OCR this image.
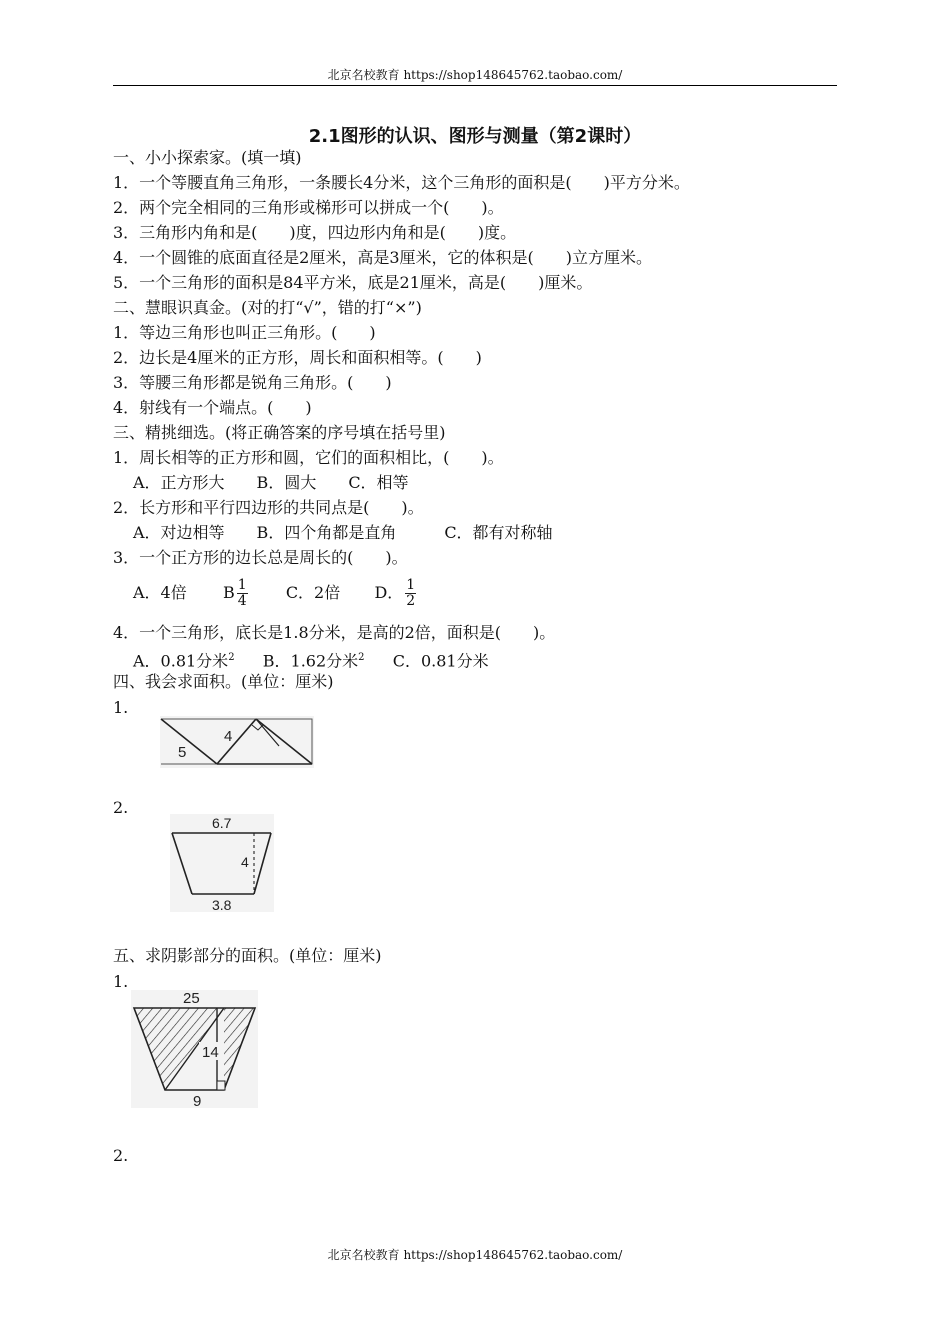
北京名校教育 https://shop148645762.taobao.com/
2.1图形的认识、图形与测量（第2课时）
一、小小探索家。(填一填)
1．一个等腰直角三角形，一条腰长4分米，这个三角形的面积是(　　)平方分米。
2．两个完全相同的三角形或梯形可以拼成一个(　　)。
3．三角形内角和是(　　)度，四边形内角和是(　　)度。
4．一个圆锥的底面直径是2厘米，高是3厘米，它的体积是(　　)立方厘米。
5．一个三角形的面积是84平方米，底是21厘米，高是(　　)厘米。
二、慧眼识真金。(对的打“√”，错的打“×”)
1．等边三角形也叫正三角形。(　　)
2．边长是4厘米的正方形，周长和面积相等。(　　)
3．等腰三角形都是锐角三角形。(　　)
4．射线有一个端点。(　　)
三、精挑细选。(将正确答案的序号填在括号里)
1．周长相等的正方形和圆，它们的面积相比，(　　)。
A．正方形大　　B．圆大　　C．相等
2．长方形和平行四边形的共同点是(　　)。
A．对边相等　　B．四个角都是直角　　　C．都有对称轴
3．一个正方形的边长总是周长的(　　)。
A．4倍 B $\frac{1}{4}$ C．2倍 D． $\frac{1}{2}$
4．一个三角形，底长是1.8分米，是高的2倍，面积是(　　)。
A．0.81分米$^2$ B．1.62分米$^2$ C．0.81分米
四、我会求面积。(单位：厘米)
1.
4
5
2.
6.7
4
3.8
五、求阴影部分的面积。(单位：厘米)
1.
25
14
9
2.
北京名校教育 https://shop148645762.taobao.com/
